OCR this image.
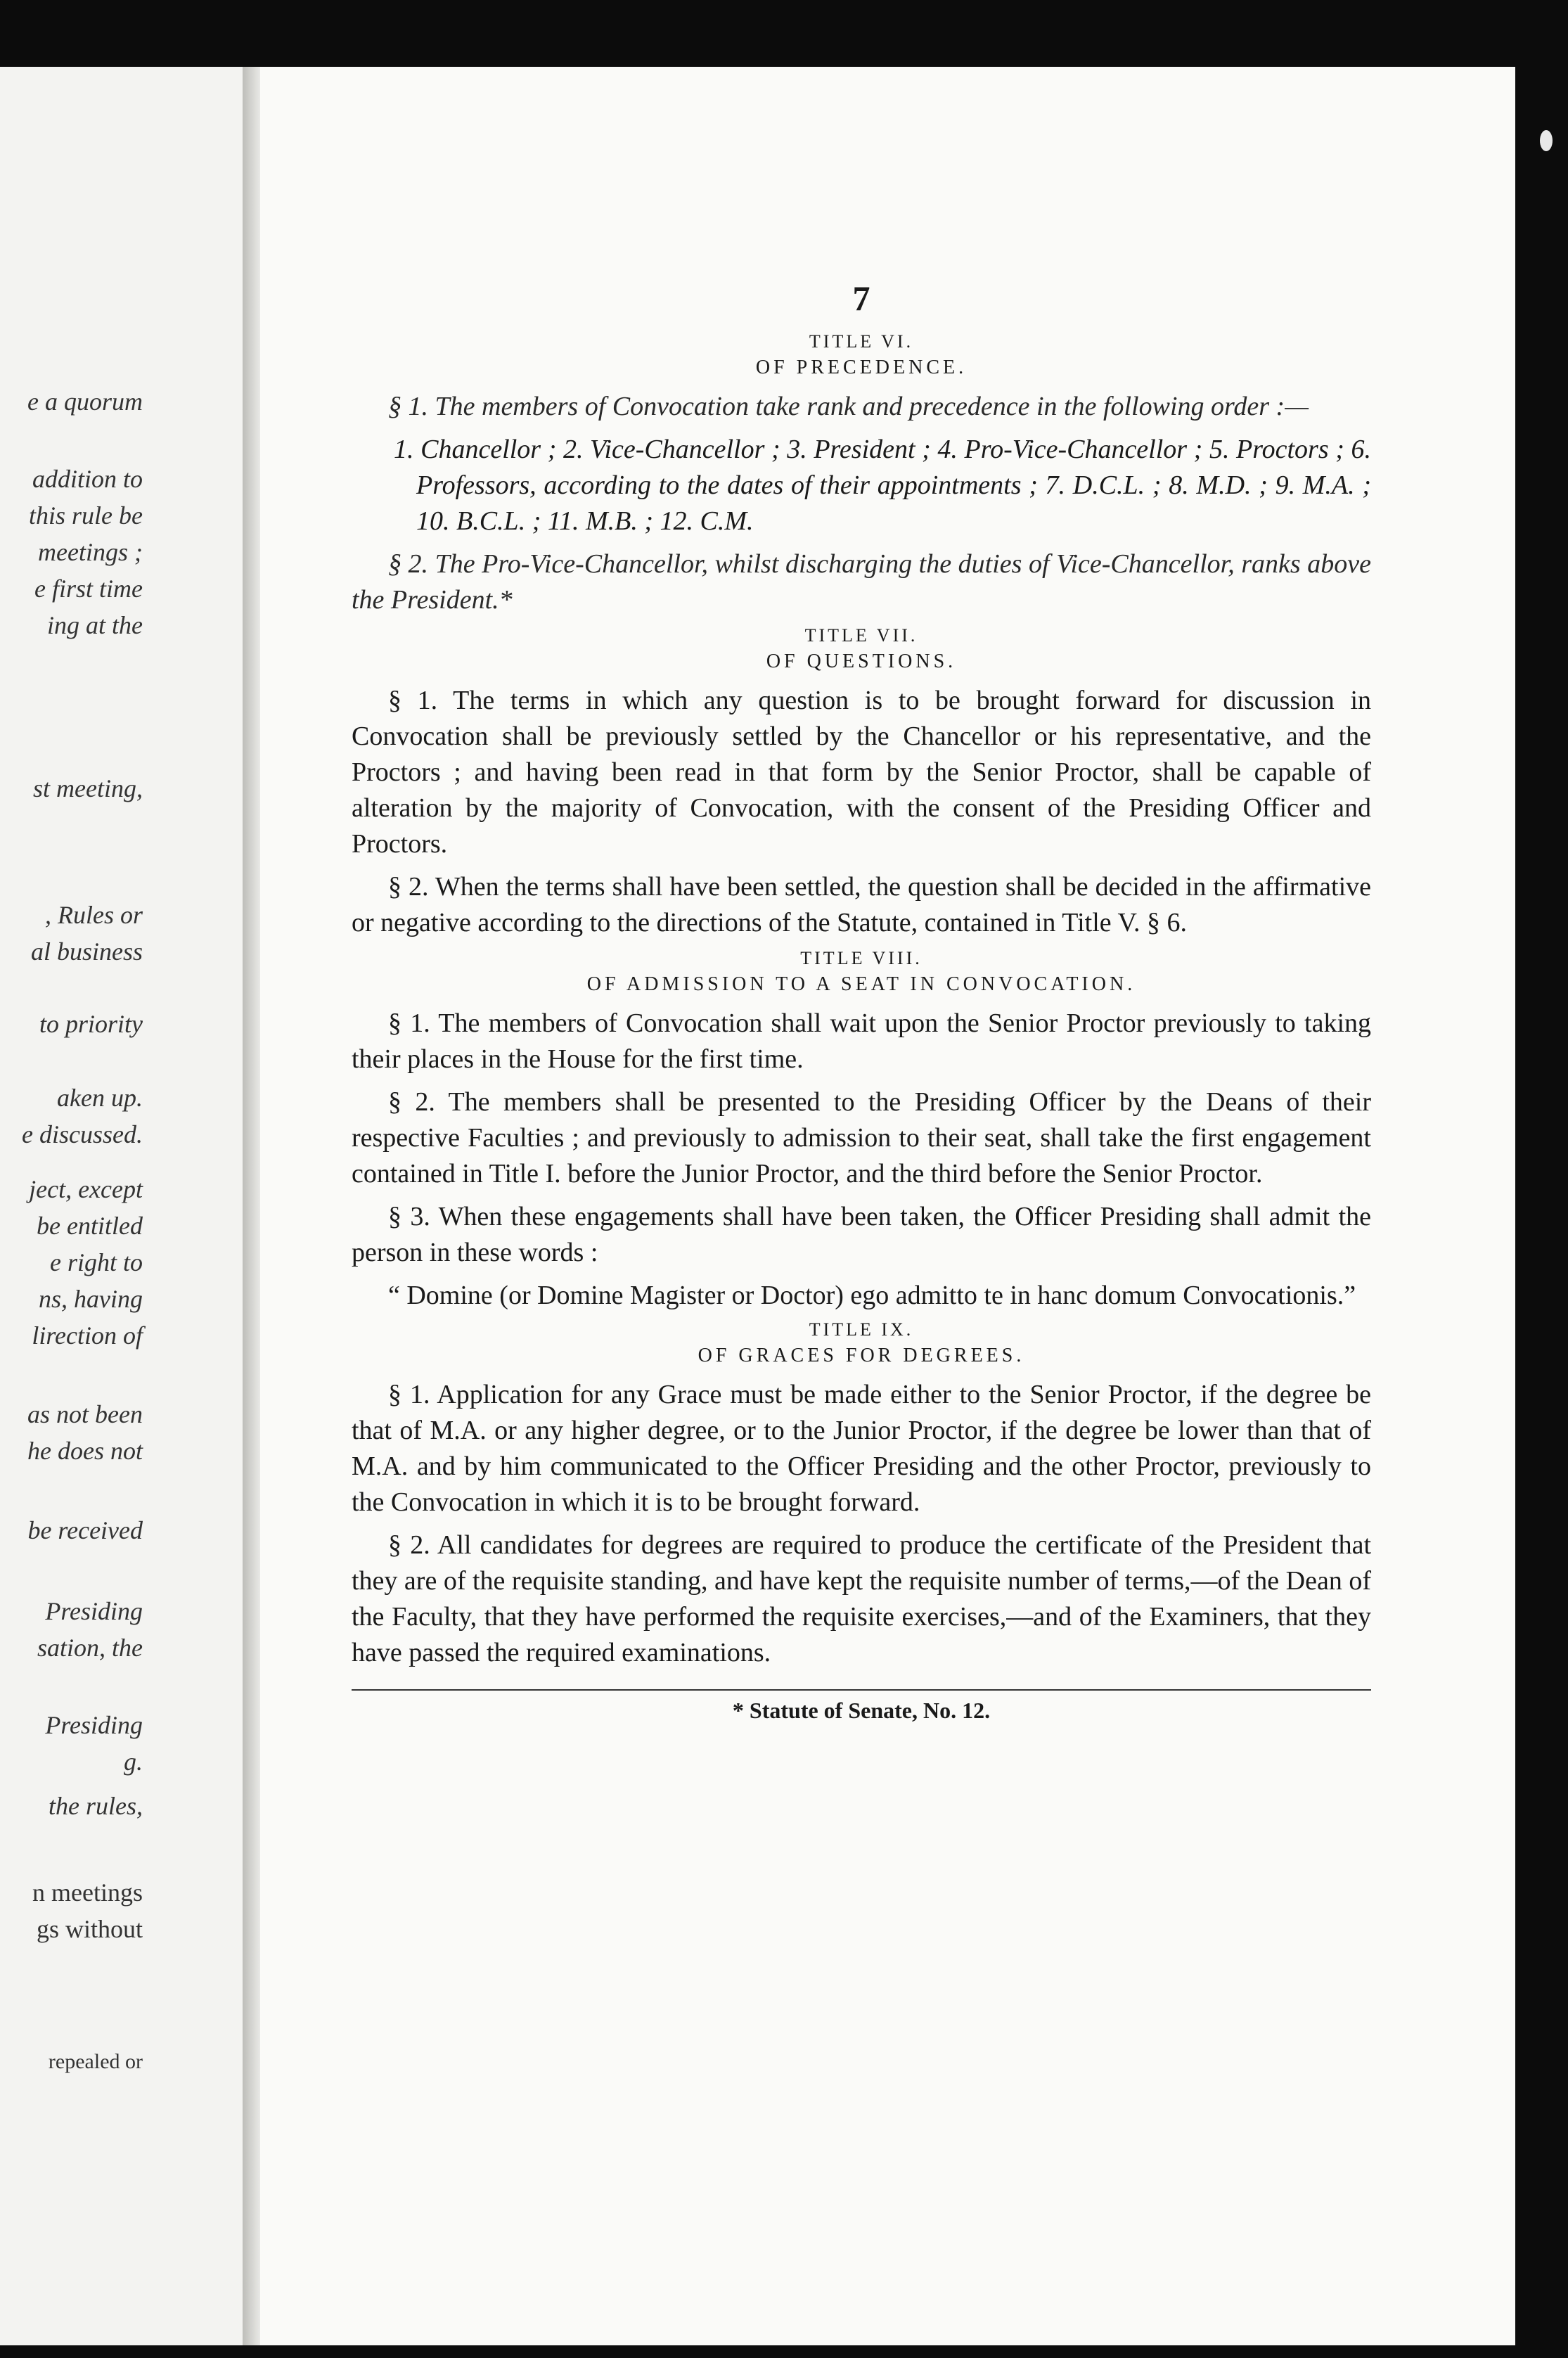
e a quorum
addition to
this rule be
meetings ;
e first time
ing at the
st meeting,
, Rules or
al business
to priority
aken up.
e discussed.
ject, except
be entitled
e right to
ns, having
lirection of
as not been
he does not
be received
Presiding
sation, the
Presiding
g.
the rules,
n meetings
gs without
repealed or
7
TITLE VI.
OF PRECEDENCE.

§ 1. The members of Convocation take rank and precedence in the following order :—

1. Chancellor ; 2. Vice-Chancellor ; 3. President ; 4. Pro-Vice-Chancellor ; 5. Proctors ; 6. Professors, according to the dates of their appointments ; 7. D.C.L. ; 8. M.D. ; 9. M.A. ; 10. B.C.L. ; 11. M.B. ; 12. C.M.

§ 2. The Pro-Vice-Chancellor, whilst discharging the duties of Vice-Chancellor, ranks above the President.*

TITLE VII.
OF QUESTIONS.

§ 1. The terms in which any question is to be brought forward for discussion in Convocation shall be previously settled by the Chancellor or his representative, and the Proctors ; and having been read in that form by the Senior Proctor, shall be capable of alteration by the majority of Convocation, with the consent of the Presiding Officer and Proctors.

§ 2. When the terms shall have been settled, the question shall be decided in the affirmative or negative according to the directions of the Statute, contained in Title V. § 6.

TITLE VIII.
OF ADMISSION TO A SEAT IN CONVOCATION.

§ 1. The members of Convocation shall wait upon the Senior Proctor previously to taking their places in the House for the first time.

§ 2. The members shall be presented to the Presiding Officer by the Deans of their respective Faculties ; and previously to admission to their seat, shall take the first engagement contained in Title I. before the Junior Proctor, and the third before the Senior Proctor.

§ 3. When these engagements shall have been taken, the Officer Presiding shall admit the person in these words :

“ Domine (or Domine Magister or Doctor) ego admitto te in hanc domum Convocationis.”

TITLE IX.
OF GRACES FOR DEGREES.

§ 1. Application for any Grace must be made either to the Senior Proctor, if the degree be that of M.A. or any higher degree, or to the Junior Proctor, if the degree be lower than that of M.A. and by him communicated to the Officer Presiding and the other Proctor, previously to the Convocation in which it is to be brought forward.

§ 2. All candidates for degrees are required to produce the certificate of the President that they are of the requisite standing, and have kept the requisite number of terms,—of the Dean of the Faculty, that they have performed the requisite exercises,—and of the Examiners, that they have passed the required examinations.

* Statute of Senate, No. 12.
